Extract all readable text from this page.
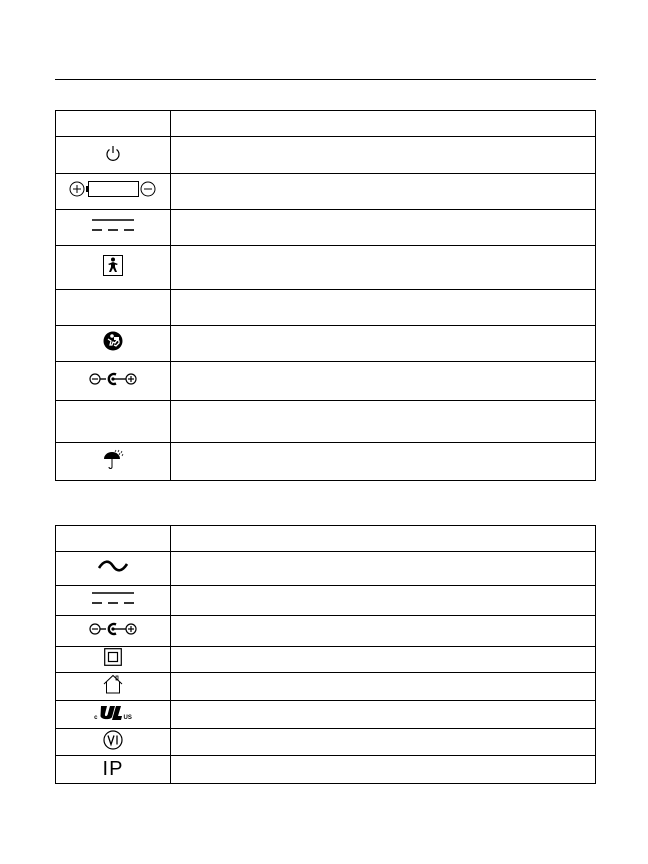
c US	

IP	
